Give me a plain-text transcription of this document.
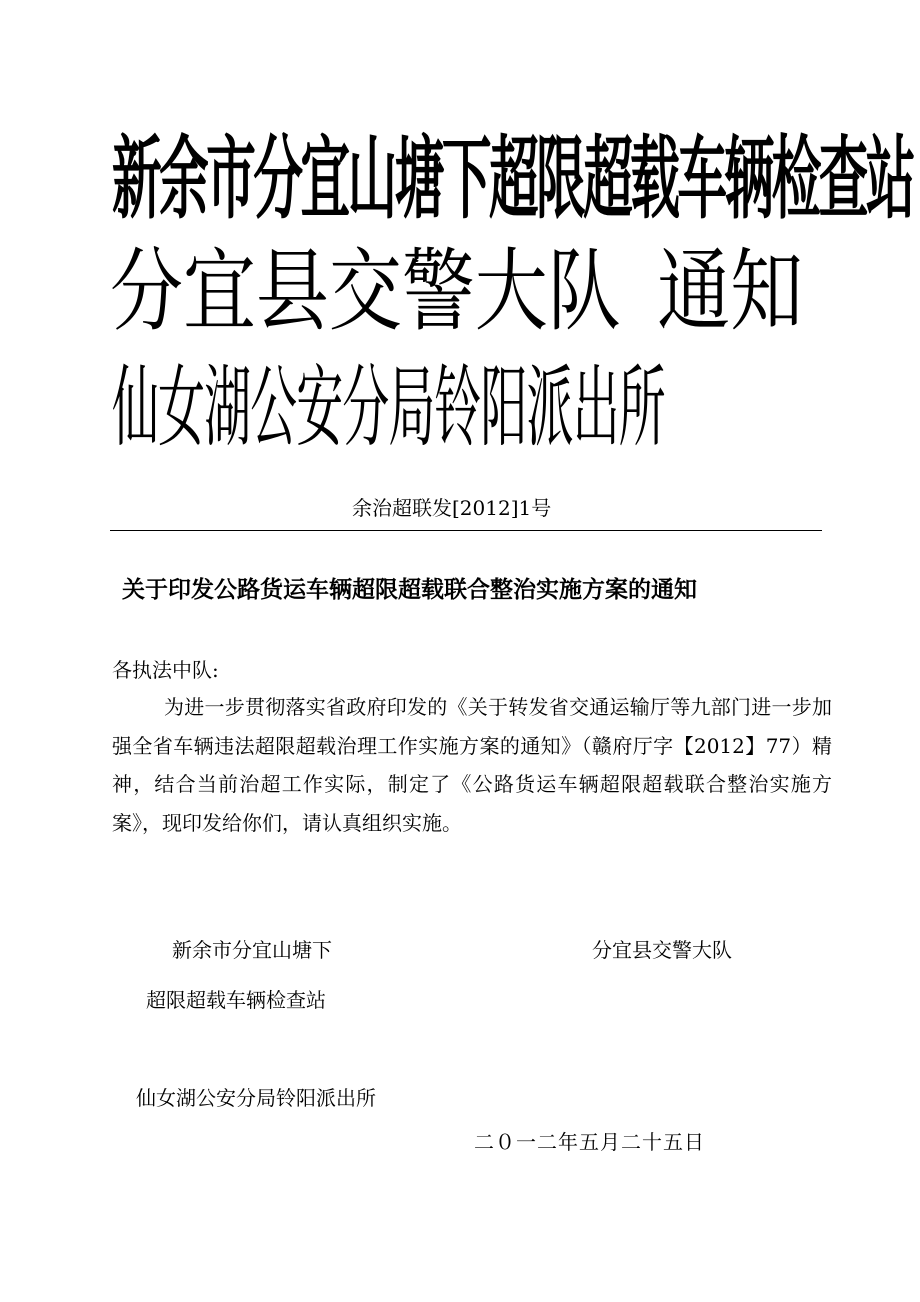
新余市分宜山塘下超限超载车辆检查站
分宜县交警大队 通知
仙女湖公安分局铃阳派出所
余治超联发[2012]1号
关于印发公路货运车辆超限超载联合整治实施方案的通知
各执法中队:

为进一步贯彻落实省政府印发的《关于转发省交通运输厅等九部门进一步加强全省车辆违法超限超载治理工作实施方案的通知》（赣府厅字【2012】77）精神，结合当前治超工作实际，制定了《公路货运车辆超限超载联合整治实施方案》，现印发给你们，请认真组织实施。

新余市分宜山塘下	分宜县交警大队
超限超载车辆检查站
仙女湖公安分局铃阳派出所
二０一二年五月二十五日
